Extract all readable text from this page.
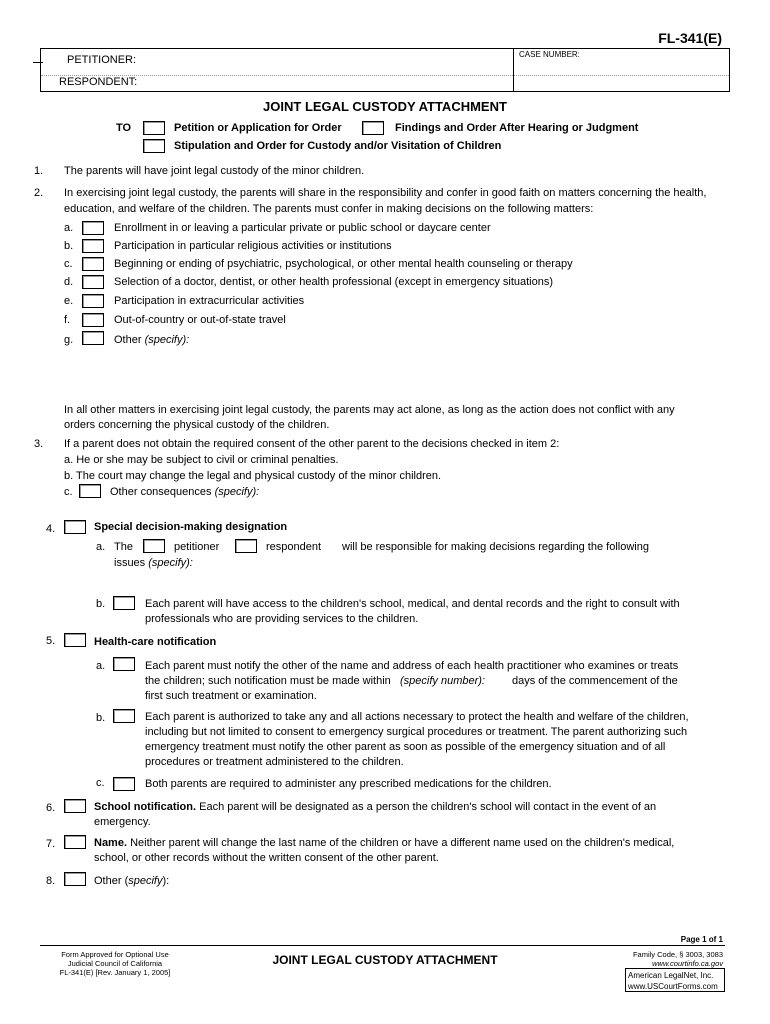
FL-341(E)
PETITIONER:
RESPONDENT:
CASE NUMBER:
JOINT LEGAL CUSTODY ATTACHMENT
TO	Petition or Application for Order	Findings and Order After Hearing or Judgment
Stipulation and Order for Custody and/or Visitation of Children
1. The parents will have joint legal custody of the minor children.
2. In exercising joint legal custody, the parents will share in the responsibility and confer in good faith on matters concerning the health,
education, and welfare of the children. The parents must confer in making decisions on the following matters:
a.	Enrollment in or leaving a particular private or public school or daycare center
b.	Participation in particular religious activities or institutions
c.	Beginning or ending of psychiatric, psychological, or other mental health counseling or therapy
d.	Selection of a doctor, dentist, or other health professional (except in emergency situations)
e.	Participation in extracurricular activities
f.	Out-of-country or out-of-state travel
g.	Other (specify):
In all other matters in exercising joint legal custody, the parents may act alone, as long as the action does not conflict with any
orders concerning the physical custody of the children.
3. If a parent does not obtain the required consent of the other parent to the decisions checked in item 2:
a. He or she may be subject to civil or criminal penalties.
b. The court may change the legal and physical custody of the minor children.
c.	Other consequences (specify):
4.	Special decision-making designation
a. The	petitioner	respondent will be responsible for making decisions regarding the following
issues (specify):
b.	Each parent will have access to the children's school, medical, and dental records and the right to consult with
professionals who are providing services to the children.
5.	Health-care notification
a.	Each parent must notify the other of the name and address of each health practitioner who examines or treats
the children; such notification must be made within (specify number): days of the commencement of the
first such treatment or examination.
b.	Each parent is authorized to take any and all actions necessary to protect the health and welfare of the children,
including but not limited to consent to emergency surgical procedures or treatment. The parent authorizing such
emergency treatment must notify the other parent as soon as possible of the emergency situation and of all
procedures or treatment administered to the children.
c.	Both parents are required to administer any prescribed medications for the children.
6.	School notification. Each parent will be designated as a person the children's school will contact in the event of an
emergency.
7.	Name. Neither parent will change the last name of the children or have a different name used on the children's medical,
school, or other records without the written consent of the other parent.
8.	Other (specify):
Page 1 of 1
Form Approved for Optional Use
Judicial Council of California
FL-341(E) [Rev. January 1, 2005]
JOINT LEGAL CUSTODY ATTACHMENT	Family Code, § 3003, 3083
www.courtinfo.ca.gov
American LegalNet, Inc.
www.USCourtForms.com
